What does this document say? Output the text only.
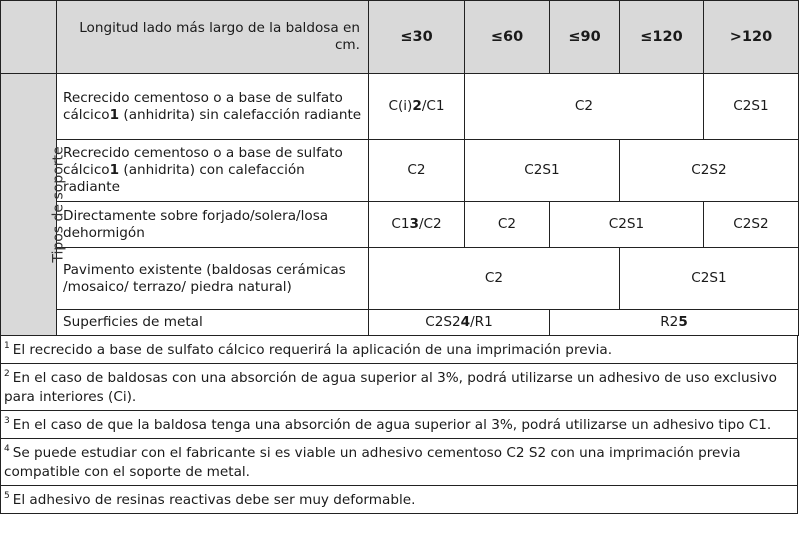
	Longitud lado más largo de la baldosa en cm.	≤30	≤60	≤90	≤120	>120
Tipos de soporte	Recrecido cementoso o a base de sulfato cálcico1 (anhidrita) sin calefacción radiante	C(i)2/C1	C2			C2S1
	Recrecido cementoso o a base de sulfato cálcico1 (anhidrita) con calefacción radiante	C2	C2S1		C2S2	
	Directamente sobre forjado/solera/losa dehormigón	C13/C2	C2	C2S1		C2S2
	Pavimento existente (baldosas cerámicas /mosaico/ terrazo/ piedra natural)	C2			C2S1	
	Superficies de metal	C2S24/R1		R25		
$^1$ El recrecido a base de sulfato cálcico requerirá la aplicación de una imprimación previa.
$^2$ En el caso de baldosas con una absorción de agua superior al 3%, podrá utilizarse un adhesivo de uso exclusivo para interiores (Ci).
$^3$ En el caso de que la baldosa tenga una absorción de agua superior al 3%, podrá utilizarse un adhesivo tipo C1.
$^4$ Se puede estudiar con el fabricante si es viable un adhesivo cementoso C2 S2 con una imprimación previa compatible con el soporte de metal.
$^5$ El adhesivo de resinas reactivas debe ser muy deformable.
